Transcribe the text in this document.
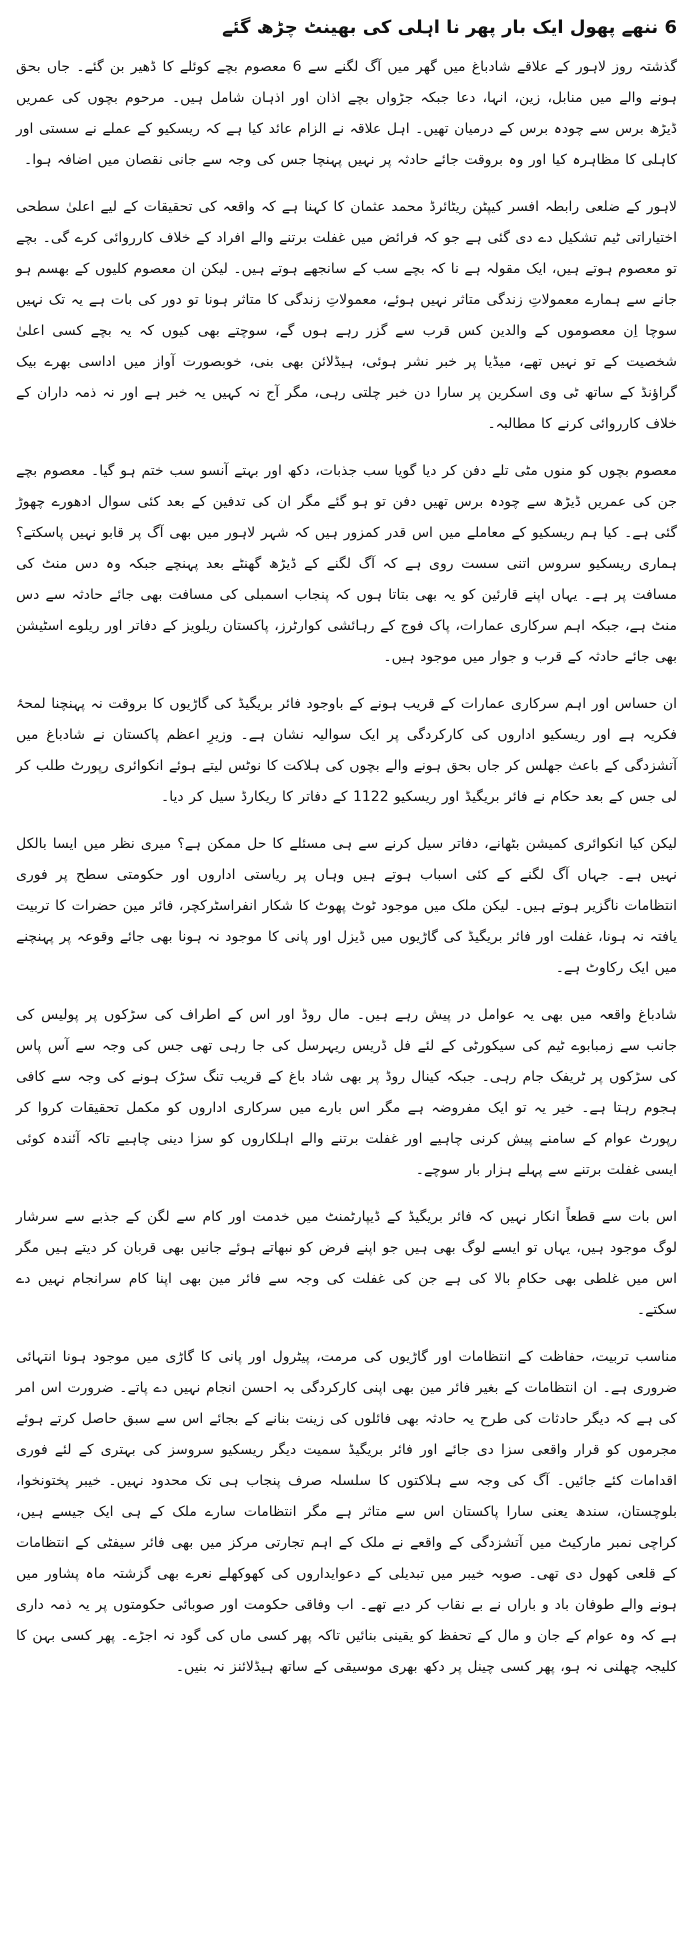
6 ننھے پھول ایک بار پھر نا اہلی کی بھینٹ چڑھ گئے

گذشتہ روز لاہور کے علاقے شادباغ میں گھر میں آگ لگنے سے 6 معصوم بچے کوئلے کا ڈھیر بن گئے۔ جاں بحق ہونے والے میں منابل، زین، انہا، دعا جبکہ جڑواں بچے اذان اور اذہان شامل ہیں۔ مرحوم بچوں کی عمریں ڈیڑھ برس سے چودہ برس کے درمیان تھیں۔ اہل علاقہ نے الزام عائد کیا ہے کہ ریسکیو کے عملے نے سستی اور کاہلی کا مظاہرہ کیا اور وہ بروقت جائے حادثہ پر نہیں پہنچا جس کی وجہ سے جانی نقصان میں اضافہ ہوا۔

لاہور کے ضلعی رابطہ افسر کیپٹن ریٹائرڈ محمد عثمان کا کہنا ہے کہ واقعہ کی تحقیقات کے لیے اعلیٰ سطحی اختیاراتی ٹیم تشکیل دے دی گئی ہے جو کہ فرائض میں غفلت برتنے والے افراد کے خلاف کارروائی کرے گی۔ بچے تو معصوم ہوتے ہیں، ایک مقولہ ہے نا کہ بچے سب کے سانجھے ہوتے ہیں۔ لیکن ان معصوم کلیوں کے بھسم ہو جانے سے ہمارے معمولاتِ زندگی متاثر نہیں ہوئے، معمولاتِ زندگی کا متاثر ہونا تو دور کی بات ہے یہ تک نہیں سوچا اِن معصوموں کے والدین کس قرب سے گزر رہے ہوں گے، سوچتے بھی کیوں کہ یہ بچے کسی اعلیٰ شخصیت کے تو نہیں تھے، میڈیا پر خبر نشر ہوئی، ہیڈلائن بھی بنی، خوبصورت آواز میں اداسی بھرے بیک گراؤنڈ کے ساتھ ٹی وی اسکرین پر سارا دن خبر چلتی رہی، مگر آج نہ کہیں یہ خبر ہے اور نہ ذمہ داران کے خلاف کارروائی کرنے کا مطالبہ۔

معصوم بچوں کو منوں مٹی تلے دفن کر دیا گویا سب جذبات، دکھ اور بہتے آنسو سب ختم ہو گیا۔ معصوم بچے جن کی عمریں ڈیڑھ سے چودہ برس تھیں دفن تو ہو گئے مگر ان کی تدفین کے بعد کئی سوال ادھورے چھوڑ گئی ہے۔ کیا ہم ریسکیو کے معاملے میں اس قدر کمزور ہیں کہ شہر لاہور میں بھی آگ پر قابو نہیں پاسکتے؟ ہماری ریسکیو سروس اتنی سست روی ہے کہ آگ لگنے کے ڈیڑھ گھنٹے بعد پہنچے جبکہ وہ دس منٹ کی مسافت پر ہے۔ یہاں اپنے قارئین کو یہ بھی بتاتا ہوں کہ پنجاب اسمبلی کی مسافت بھی جائے حادثہ سے دس منٹ ہے، جبکہ اہم سرکاری عمارات، پاک فوج کے رہائشی کوارٹرز، پاکستان ریلویز کے دفاتر اور ریلوے اسٹیشن بھی جائے حادثہ کے قرب و جوار میں موجود ہیں۔

ان حساس اور اہم سرکاری عمارات کے قریب ہونے کے باوجود فائر بریگیڈ کی گاڑیوں کا بروقت نہ پہنچنا لمحۂ فکریہ ہے اور ریسکیو اداروں کی کارکردگی پر ایک سوالیہ نشان ہے۔ وزیرِ اعظم پاکستان نے شادباغ میں آتشزدگی کے باعث جھلس کر جاں بحق ہونے والے بچوں کی ہلاکت کا نوٹس لیتے ہوئے انکوائری رپورٹ طلب کر لی جس کے بعد حکام نے فائر بریگیڈ اور ریسکیو 1122 کے دفاتر کا ریکارڈ سیل کر دیا۔

لیکن کیا انکوائری کمیشن بٹھانے، دفاتر سیل کرنے سے ہی مسئلے کا حل ممکن ہے؟ میری نظر میں ایسا بالکل نہیں ہے۔ جہاں آگ لگنے کے کئی اسباب ہوتے ہیں وہاں پر ریاستی اداروں اور حکومتی سطح پر فوری انتظامات ناگزیر ہوتے ہیں۔ لیکن ملک میں موجود ٹوٹ پھوٹ کا شکار انفراسٹرکچر، فائر مین حضرات کا تربیت یافتہ نہ ہونا، غفلت اور فائر بریگیڈ کی گاڑیوں میں ڈیزل اور پانی کا موجود نہ ہونا بھی جائے وقوعہ پر پہنچنے میں ایک رکاوٹ ہے۔

شادباغ واقعہ میں بھی یہ عوامل در پیش رہے ہیں۔ مال روڈ اور اس کے اطراف کی سڑکوں پر پولیس کی جانب سے زمبابوے ٹیم کی سیکورٹی کے لئے فل ڈریس ریہرسل کی جا رہی تھی جس کی وجہ سے آس پاس کی سڑکوں پر ٹریفک جام رہی۔ جبکہ کینال روڈ پر بھی شاد باغ کے قریب تنگ سڑک ہونے کی وجہ سے کافی ہجوم رہتا ہے۔ خیر یہ تو ایک مفروضہ ہے مگر اس بارے میں سرکاری اداروں کو مکمل تحقیقات کروا کر رپورٹ عوام کے سامنے پیش کرنی چاہیے اور غفلت برتنے والے اہلکاروں کو سزا دینی چاہیے تاکہ آئندہ کوئی ایسی غفلت برتنے سے پہلے ہزار بار سوچے۔

اس بات سے قطعاً انکار نہیں کہ فائر بریگیڈ کے ڈیپارٹمنٹ میں خدمت اور کام سے لگن کے جذبے سے سرشار لوگ موجود ہیں، یہاں تو ایسے لوگ بھی ہیں جو اپنے فرض کو نبھاتے ہوئے جانیں بھی قربان کر دیتے ہیں مگر اس میں غلطی بھی حکامِ بالا کی ہے جن کی غفلت کی وجہ سے فائر مین بھی اپنا کام سرانجام نہیں دے سکتے۔

مناسب تربیت، حفاظت کے انتظامات اور گاڑیوں کی مرمت، پیٹرول اور پانی کا گاڑی میں موجود ہونا انتہائی ضروری ہے۔ ان انتظامات کے بغیر فائر مین بھی اپنی کارکردگی بہ احسن انجام نہیں دے پاتے۔ ضرورت اس امر کی ہے کہ دیگر حادثات کی طرح یہ حادثہ بھی فائلوں کی زینت بنانے کے بجائے اس سے سبق حاصل کرتے ہوئے مجرموں کو قرار واقعی سزا دی جائے اور فائر بریگیڈ سمیت دیگر ریسکیو سروسز کی بہتری کے لئے فوری اقدامات کئے جائیں۔ آگ کی وجہ سے ہلاکتوں کا سلسلہ صرف پنجاب ہی تک محدود نہیں۔ خیبر پختونخوا، بلوچستان، سندھ یعنی سارا پاکستان اس سے متاثر ہے مگر انتظامات سارے ملک کے ہی ایک جیسے ہیں، کراچی نمبر مارکیٹ میں آتشزدگی کے واقعے نے ملک کے اہم تجارتی مرکز میں بھی فائر سیفٹی کے انتظامات کے قلعی کھول دی تھی۔ صوبہ خیبر میں تبدیلی کے دعوایداروں کی کھوکھلے نعرے بھی گزشتہ ماہ پشاور میں ہونے والے طوفان باد و باراں نے بے نقاب کر دیے تھے۔ اب وفاقی حکومت اور صوبائی حکومتوں پر یہ ذمہ داری ہے کہ وہ عوام کے جان و مال کے تحفظ کو یقینی بنائیں تاکہ پھر کسی ماں کی گود نہ اجڑے۔ پھر کسی بہن کا کلیجہ چھلنی نہ ہو، پھر کسی چینل پر دکھ بھری موسیقی کے ساتھ ہیڈلائنز نہ بنیں۔
